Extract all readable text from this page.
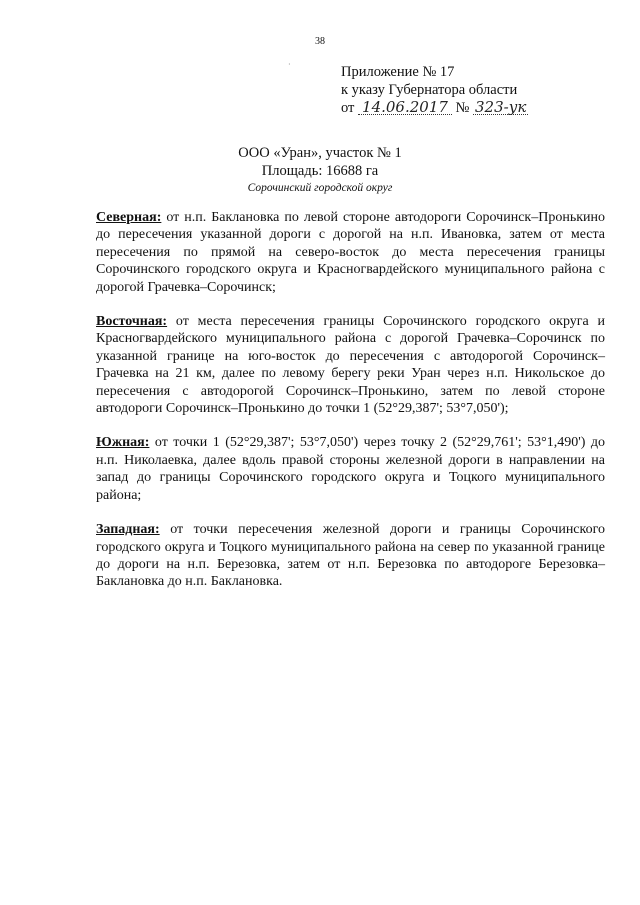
38
·	Приложение № 17
к указу Губернатора области
от 14.06.2017 № 323-ук
ООО «Уран», участок № 1
Площадь: 16688 га
Сорочинский городской округ

Северная: от н.п. Баклановка по левой стороне автодороги Сорочинск–Пронькино до пересечения указанной дороги с дорогой на н.п. Ивановка, затем от места пересечения по прямой на северо-восток до места пересечения границы Сорочинского городского округа и Красногвардейского муниципального района с дорогой Грачевка–Сорочинск;

Восточная: от места пересечения границы Сорочинского городского округа и Красногвардейского муниципального района с дорогой Грачевка–Сорочинск по указанной границе на юго-восток до пересечения с автодорогой Сорочинск–Грачевка на 21 км, далее по левому берегу реки Уран через н.п. Никольское до пересечения с автодорогой Сорочинск–Пронькино, затем по левой стороне автодороги Сорочинск–Пронькино до точки 1 (52°29,387'; 53°7,050');

Южная: от точки 1 (52°29,387'; 53°7,050') через точку 2 (52°29,761'; 53°1,490') до н.п. Николаевка, далее вдоль правой стороны железной дороги в направлении на запад до границы Сорочинского городского округа и Тоцкого муниципального района;

Западная: от точки пересечения железной дороги и границы Сорочинского городского округа и Тоцкого муниципального района на север по указанной границе до дороги на н.п. Березовка, затем от н.п. Березовка по автодороге Березовка–Баклановка до н.п. Баклановка.
